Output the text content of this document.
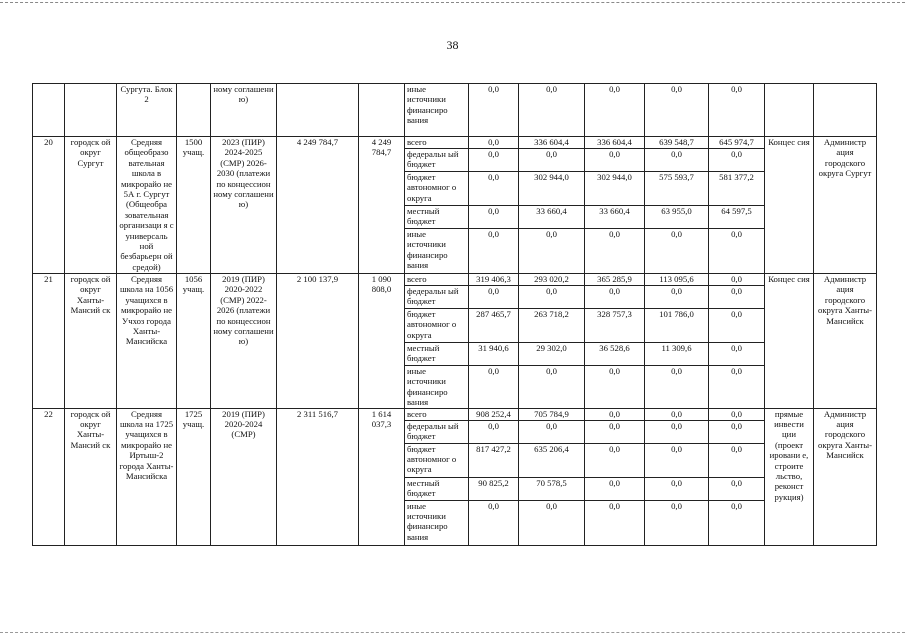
38
		Сургута. Блок 2		ному соглашени ю)			иные источники финансиро вания	0,0	0,0	0,0	0,0	0,0		
20	городск ой округ Сургут	Средняя общеобразо вательная школа в микрорайо не 5А г. Сургут (Общеобра зовательная организаци я с универсаль ной безбарьерн ой средой)	1500 учащ.	2023 (ПИР) 2024-2025 (СМР) 2026-2030 (платежи по концессион ному соглашени ю)	4 249 784,7	4 249 784,7	всего	0,0	336 604,4	336 604,4	639 548,7	645 974,7	Концес сия	Администр ация городского округа Сургут
							федеральн ый бюджет	0,0	0,0	0,0	0,0	0,0		
							бюджет автономног о округа	0,0	302 944,0	302 944,0	575 593,7	581 377,2		
							местный бюджет	0,0	33 660,4	33 660,4	63 955,0	64 597,5		
							иные источники финансиро вания	0,0	0,0	0,0	0,0	0,0		
21	городск ой округ Ханты-Мансий ск	Средняя школа на 1056 учащихся в микрорайо не Учхоз города Ханты-Мансийска	1056 учащ.	2019 (ПИР) 2020-2022 (СМР) 2022-2026 (платежи по концессион ному соглашени ю)	2 100 137,9	1 090 808,0	всего	319 406,3	293 020,2	365 285,9	113 095,6	0,0	Концес сия	Администр ация городского округа Ханты-Мансийск
							федеральн ый бюджет	0,0	0,0	0,0	0,0	0,0		
							бюджет автономног о округа	287 465,7	263 718,2	328 757,3	101 786,0	0,0		
							местный бюджет	31 940,6	29 302,0	36 528,6	11 309,6	0,0		
							иные источники финансиро вания	0,0	0,0	0,0	0,0	0,0		
22	городск ой округ Ханты-Мансий ск	Средняя школа на 1725 учащихся в микрорайо не Иртыш-2 города Ханты-Мансийска	1725 учащ.	2019 (ПИР) 2020-2024 (СМР)	2 311 516,7	1 614 037,3	всего	908 252,4	705 784,9	0,0	0,0	0,0	прямые инвести ции (проект ировани е, строите льство, реконст рукция)	Администр ация городского округа Ханты-Мансийск
							федеральн ый бюджет	0,0	0,0	0,0	0,0	0,0		
							бюджет автономног о округа	817 427,2	635 206,4	0,0	0,0	0,0		
							местный бюджет	90 825,2	70 578,5	0,0	0,0	0,0		
							иные источники финансиро вания	0,0	0,0	0,0	0,0	0,0		
